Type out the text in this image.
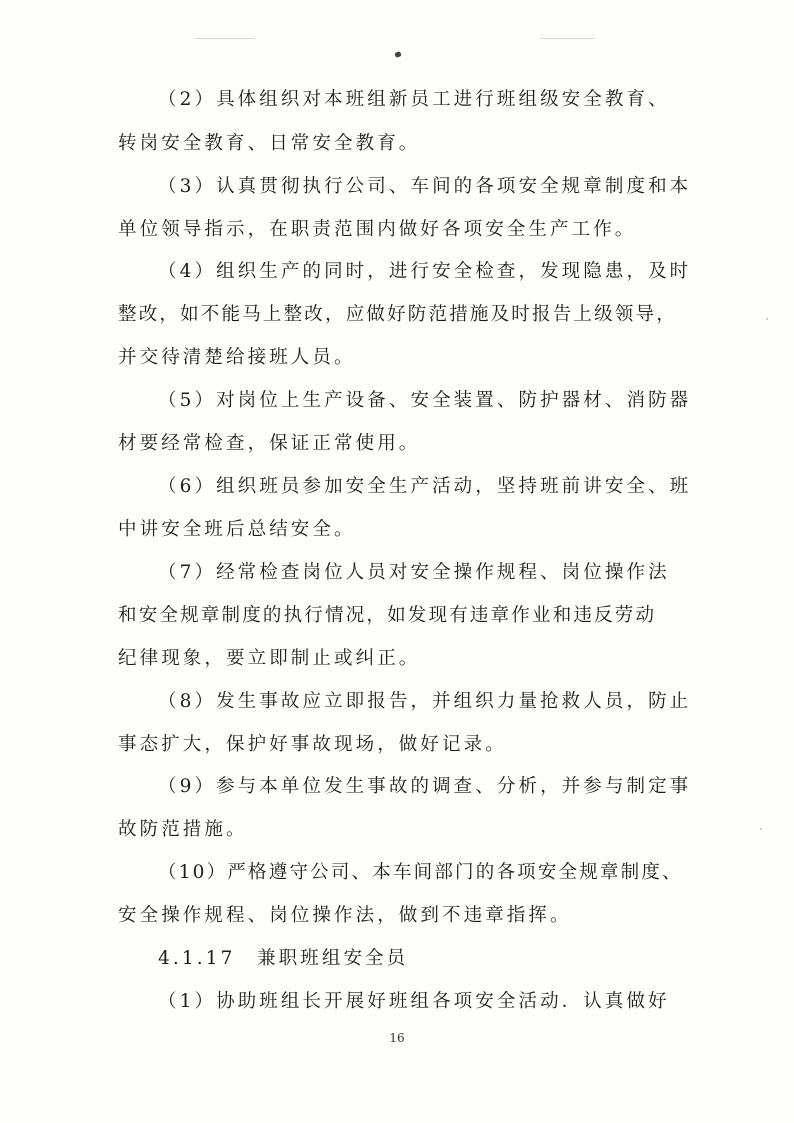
（2）具体组织对本班组新员工进行班组级安全教育、
转岗安全教育、日常安全教育。
（3）认真贯彻执行公司、车间的各项安全规章制度和本
单位领导指示，在职责范围内做好各项安全生产工作。
（4）组织生产的同时，进行安全检查，发现隐患，及时
整改，如不能马上整改，应做好防范措施及时报告上级领导，
并交待清楚给接班人员。
（5）对岗位上生产设备、安全装置、防护器材、消防器
材要经常检查，保证正常使用。
（6）组织班员参加安全生产活动，坚持班前讲安全、班
中讲安全班后总结安全。
（7）经常检查岗位人员对安全操作规程、岗位操作法
和安全规章制度的执行情况，如发现有违章作业和违反劳动
纪律现象，要立即制止或纠正。
（8）发生事故应立即报告，并组织力量抢救人员，防止
事态扩大，保护好事故现场，做好记录。
（9）参与本单位发生事故的调查、分析，并参与制定事
故防范措施。
（10）严格遵守公司、本车间部门的各项安全规章制度、
安全操作规程、岗位操作法，做到不违章指挥。
4.1.17　兼职班组安全员
（1）协助班组长开展好班组各项安全活动．认真做好
16
